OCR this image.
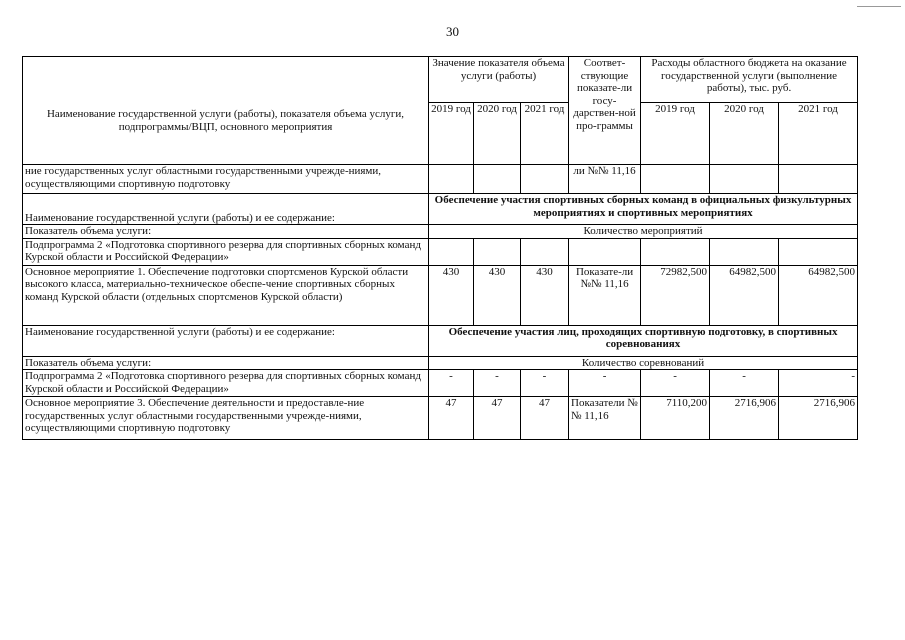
30
Наименование государственной услуги (работы), показателя объема услуги, подпрограммы/ВЦП, основного мероприятия	Значение показателя объема услуги (работы)			Соответ-ствующие показате-ли госу-дарствен-ной про-граммы	Расходы областного бюджета на оказание государственной услуги (выполнение работы), тыс. руб.		
	2019 год	2020 год	2021 год		2019 год	2020 год	2021 год
ние государственных услуг областными государственными учрежде-ниями, осуществляющими спортивную подготовку				ли №№ 11,16			
Наименование государственной услуги (работы) и ее содержание:	Обеспечение участия спортивных сборных команд в официальных физкультурных мероприятиях и спортивных мероприятиях						
Показатель объема услуги:	Количество мероприятий						
Подпрограмма 2 «Подготовка спортивного резерва для спортивных сборных команд Курской области и Российской Федерации»							
Основное мероприятие 1. Обеспечение подготовки спортсменов Курской области высокого класса, материально-техническое обеспе-чение спортивных сборных команд Курской области (отдельных спортсменов Курской области)	430	430	430	Показате-ли №№ 11,16	72982,500	64982,500	64982,500
Наименование государственной услуги (работы) и ее содержание:	Обеспечение участия лиц, проходящих спортивную подготовку, в спортивных соревнованиях						
Показатель объема услуги:	Количество соревнований						
Подпрограмма 2 «Подготовка спортивного резерва для спортивных сборных команд Курской области и Российской Федерации»	-	-	-	-	-	-	-
Основное мероприятие 3. Обеспечение деятельности и предоставле-ние государственных услуг областными государственными учрежде-ниями, осуществляющими спортивную подготовку	47	47	47	Показатели №№ 11,16	7110,200	2716,906	2716,906
